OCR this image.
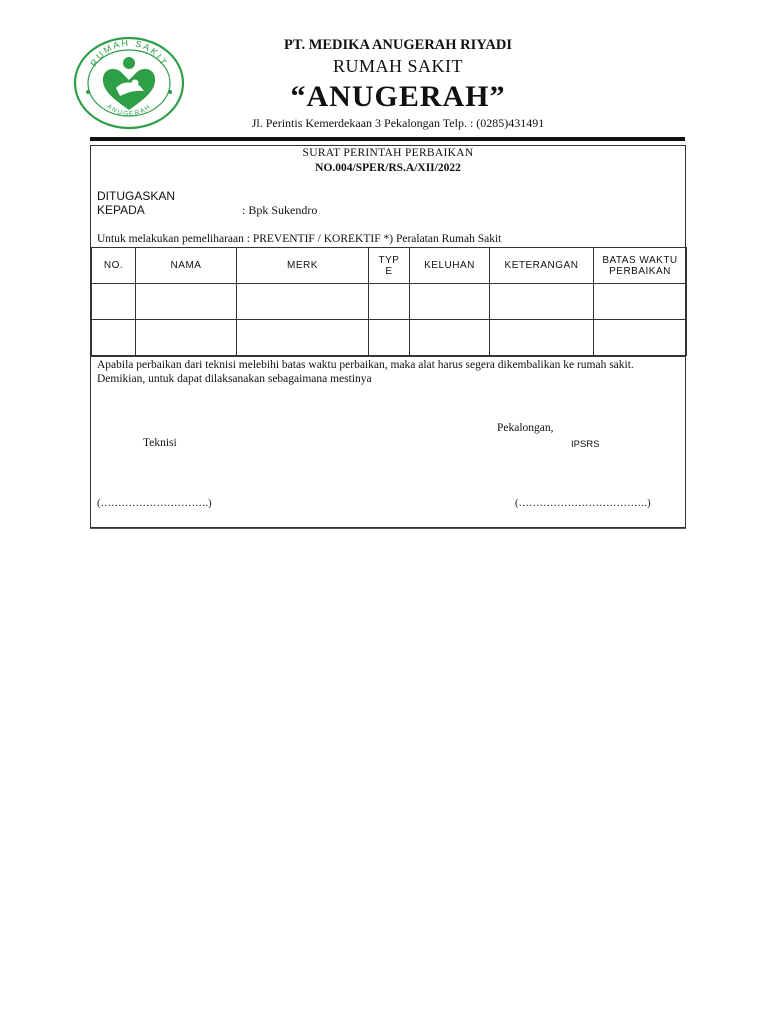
RUMAH SAKIT
ANUGERAH
PT. MEDIKA ANUGERAH RIYADI
RUMAH SAKIT
“ANUGERAH”
Jl. Perintis Kemerdekaan 3 Pekalongan Telp. : (0285)431491
SURAT PERINTAH PERBAIKAN
NO.004/SPER/RS.A/XII/2022
DITUGASKAN
KEPADA	: Bpk Sukendro
Untuk melakukan pemeliharaan : PREVENTIF / KOREKTIF *) Peralatan Rumah Sakit
NO.	NAMA	MERK	TYP E	KELUHAN	KETERANGAN	BATAS WAKTU PERBAIKAN

Apabila perbaikan dari teknisi melebihi batas waktu perbaikan, maka alat harus segera dikembalikan ke rumah sakit. Demikian, untuk dapat dilaksanakan sebagaimana mestinya
Pekalongan,
Teknisi	IPSRS
(………………………….)	(……………………………….)
